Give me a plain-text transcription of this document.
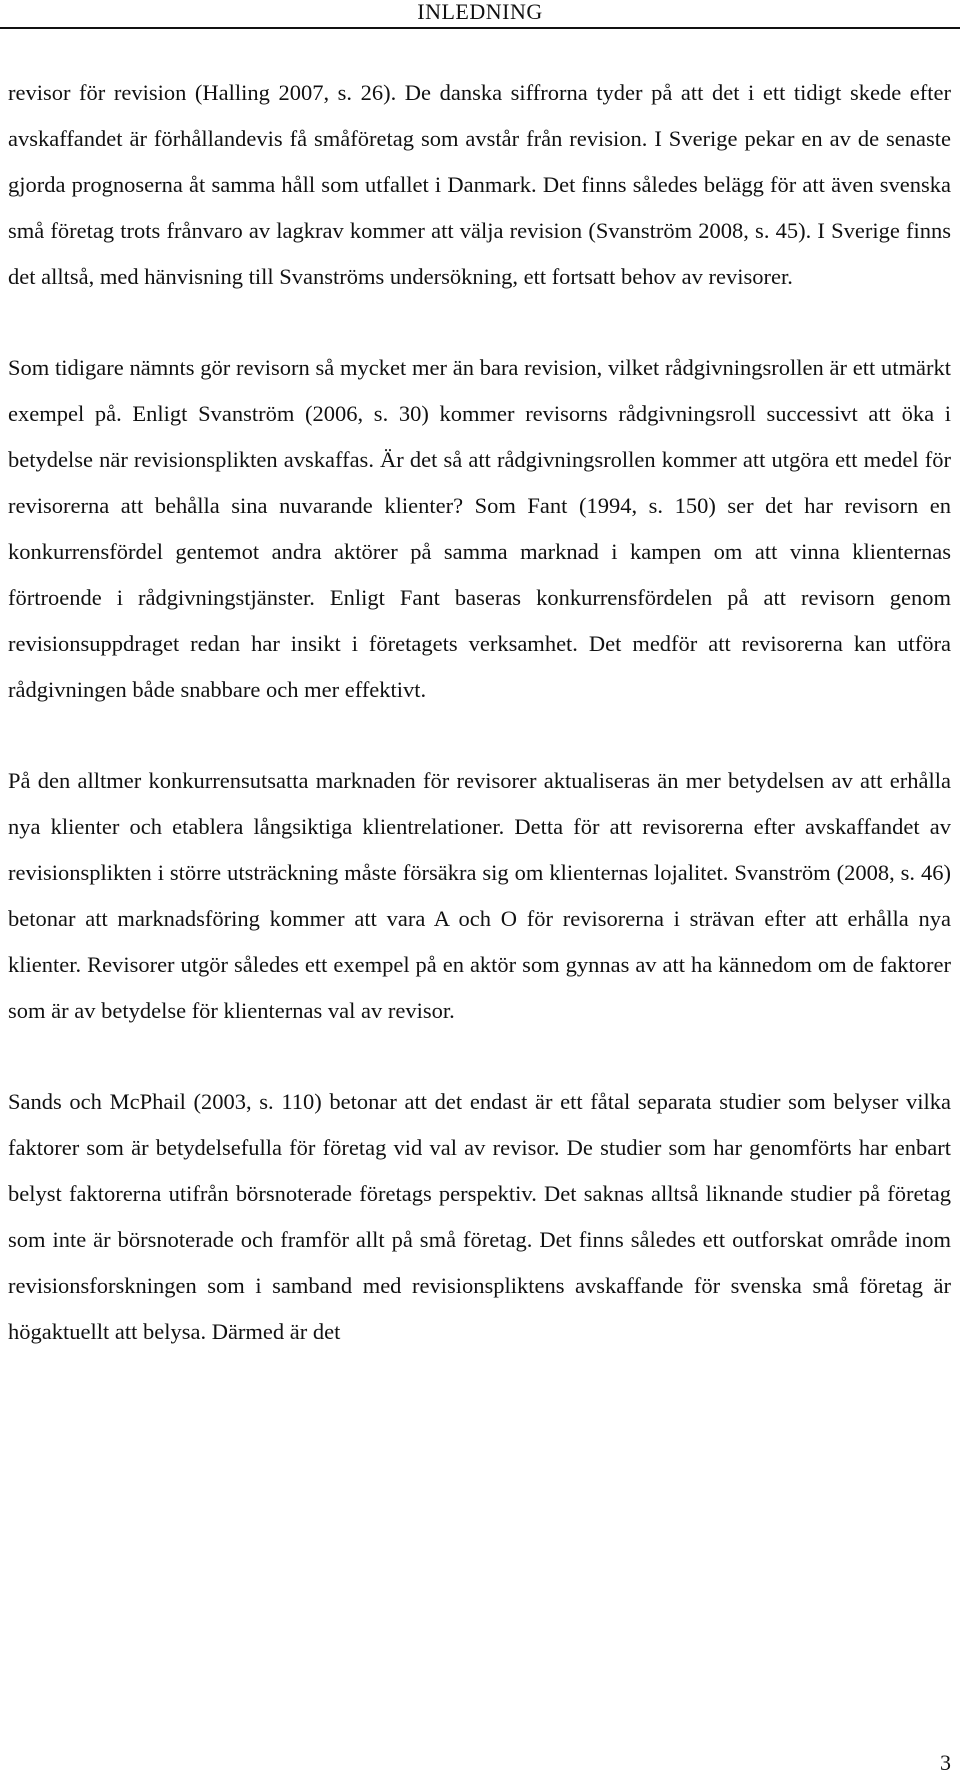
INLEDNING

revisor för revision (Halling 2007, s. 26). De danska siffrorna tyder på att det i ett tidigt skede efter avskaffandet är förhållandevis få småföretag som avstår från revision. I Sverige pekar en av de senaste gjorda prognoserna åt samma håll som utfallet i Danmark. Det finns således belägg för att även svenska små företag trots frånvaro av lagkrav kommer att välja revision (Svanström 2008, s. 45). I Sverige finns det alltså, med hänvisning till Svanströms undersökning, ett fortsatt behov av revisorer.

Som tidigare nämnts gör revisorn så mycket mer än bara revision, vilket rådgivningsrollen är ett utmärkt exempel på. Enligt Svanström (2006, s. 30) kommer revisorns rådgivningsroll successivt att öka i betydelse när revisionsplikten avskaffas. Är det så att rådgivningsrollen kommer att utgöra ett medel för revisorerna att behålla sina nuvarande klienter? Som Fant (1994, s. 150) ser det har revisorn en konkurrensfördel gentemot andra aktörer på samma marknad i kampen om att vinna klienternas förtroende i rådgivningstjänster. Enligt Fant baseras konkurrensfördelen på att revisorn genom revisionsuppdraget redan har insikt i företagets verksamhet. Det medför att revisorerna kan utföra rådgivningen både snabbare och mer effektivt.

På den alltmer konkurrensutsatta marknaden för revisorer aktualiseras än mer betydelsen av att erhålla nya klienter och etablera långsiktiga klientrelationer. Detta för att revisorerna efter avskaffandet av revisionsplikten i större utsträckning måste försäkra sig om klienternas lojalitet. Svanström (2008, s. 46) betonar att marknadsföring kommer att vara A och O för revisorerna i strävan efter att erhålla nya klienter. Revisorer utgör således ett exempel på en aktör som gynnas av att ha kännedom om de faktorer som är av betydelse för klienternas val av revisor.

Sands och McPhail (2003, s. 110) betonar att det endast är ett fåtal separata studier som belyser vilka faktorer som är betydelsefulla för företag vid val av revisor. De studier som har genomförts har enbart belyst faktorerna utifrån börsnoterade företags perspektiv. Det saknas alltså liknande studier på företag som inte är börsnoterade och framför allt på små företag. Det finns således ett outforskat område inom revisionsforskningen som i samband med revisionspliktens avskaffande för svenska små företag är högaktuellt att belysa. Därmed är det

3
